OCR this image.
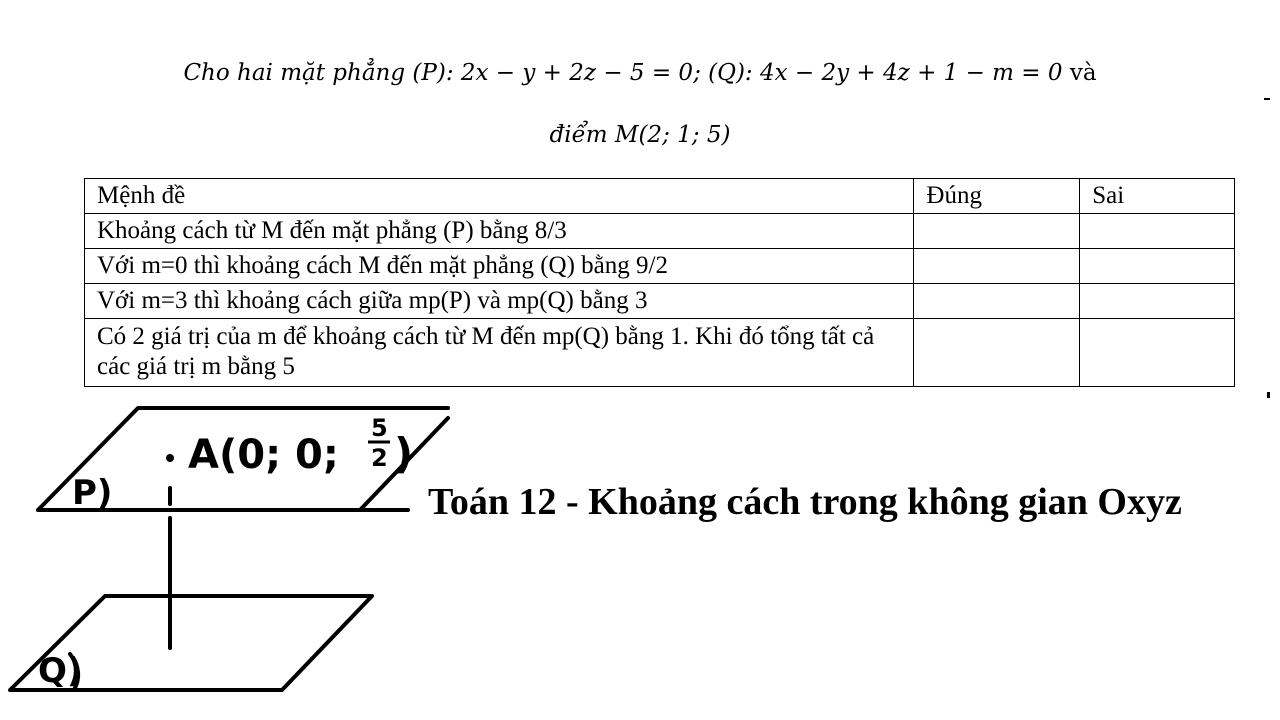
Cho hai mặt phẳng (P): 2x − y + 2z − 5 = 0; (Q): 4x − 2y + 4z + 1 − m = 0 và
điểm M(2; 1; 5)
Mệnh đề	Đúng	Sai
Khoảng cách từ M đến mặt phẳng (P) bằng 8/3		
Với m=0 thì khoảng cách M đến mặt phẳng (Q) bằng 9/2		
Với m=3 thì khoảng cách giữa mp(P) và mp(Q) bằng 3		
Có 2 giá trị của m để khoảng cách từ M đến mp(Q) bằng 1. Khi đó tổng tất cả các giá trị m bằng 5		
P)
Q)
A(0; 0;
5
2 )
Toán 12 - Khoảng cách trong không gian Oxyz
